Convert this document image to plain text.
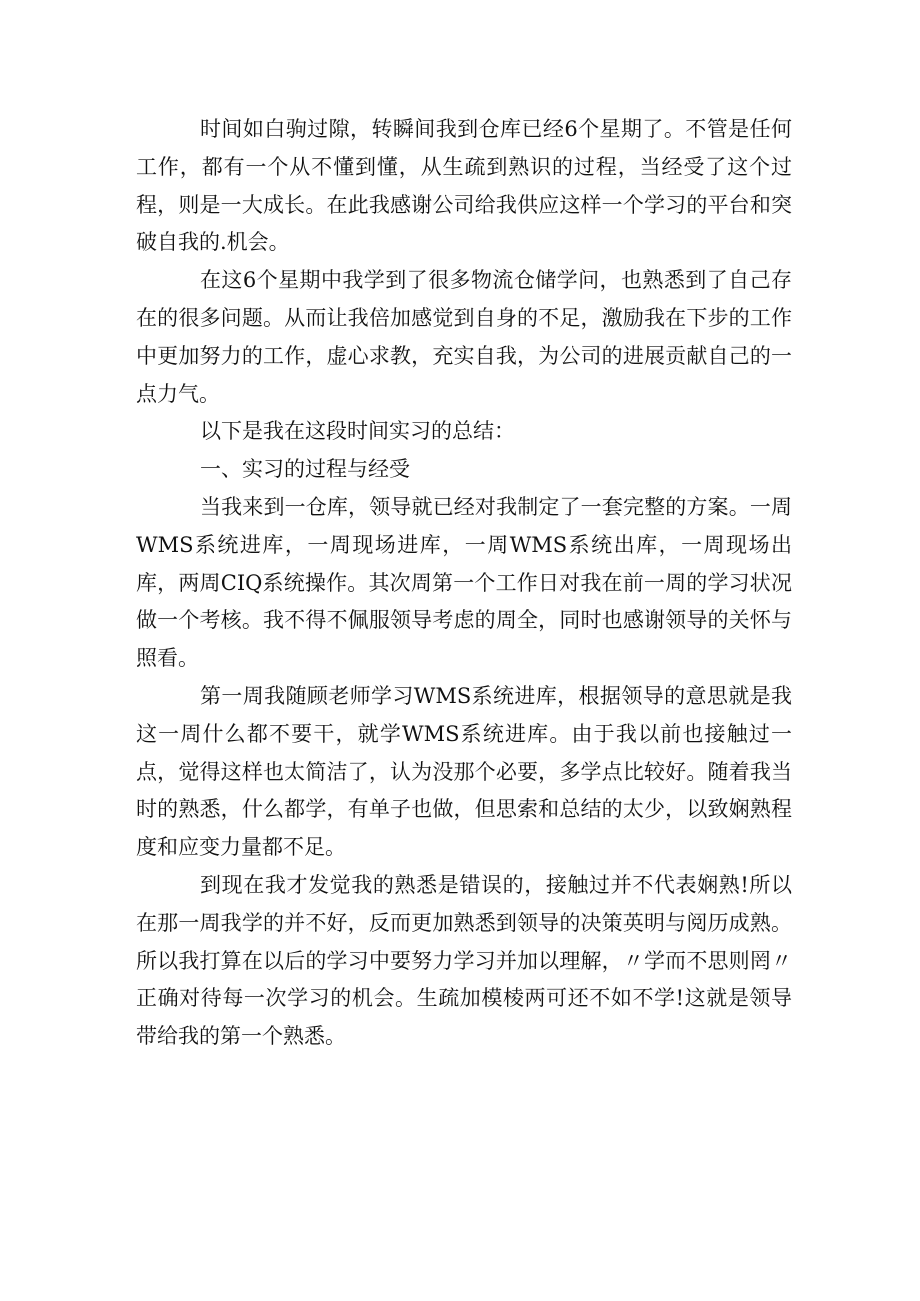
时间如白驹过隙，转瞬间我到仓库已经6个星期了。不管是任何工作，都有一个从不懂到懂，从生疏到熟识的过程，当经受了这个过程，则是一大成长。在此我感谢公司给我供应这样一个学习的平台和突破自我的.机会。

在这6个星期中我学到了很多物流仓储学问，也熟悉到了自己存在的很多问题。从而让我倍加感觉到自身的不足，激励我在下步的工作中更加努力的工作，虚心求教，充实自我，为公司的进展贡献自己的一点力气。

以下是我在这段时间实习的总结：

一、实习的过程与经受

当我来到一仓库，领导就已经对我制定了一套完整的方案。一周WMS系统进库，一周现场进库，一周WMS系统出库，一周现场出库，两周CIQ系统操作。其次周第一个工作日对我在前一周的学习状况做一个考核。我不得不佩服领导考虑的周全，同时也感谢领导的关怀与照看。

第一周我随顾老师学习WMS系统进库，根据领导的意思就是我这一周什么都不要干，就学WMS系统进库。由于我以前也接触过一点，觉得这样也太简洁了，认为没那个必要，多学点比较好。随着我当时的熟悉，什么都学，有单子也做，但思索和总结的太少，以致娴熟程度和应变力量都不足。

到现在我才发觉我的熟悉是错误的，接触过并不代表娴熟!所以在那一周我学的并不好，反而更加熟悉到领导的决策英明与阅历成熟。所以我打算在以后的学习中要努力学习并加以理解，〃学而不思则罔〃正确对待每一次学习的机会。生疏加模棱两可还不如不学!这就是领导带给我的第一个熟悉。
